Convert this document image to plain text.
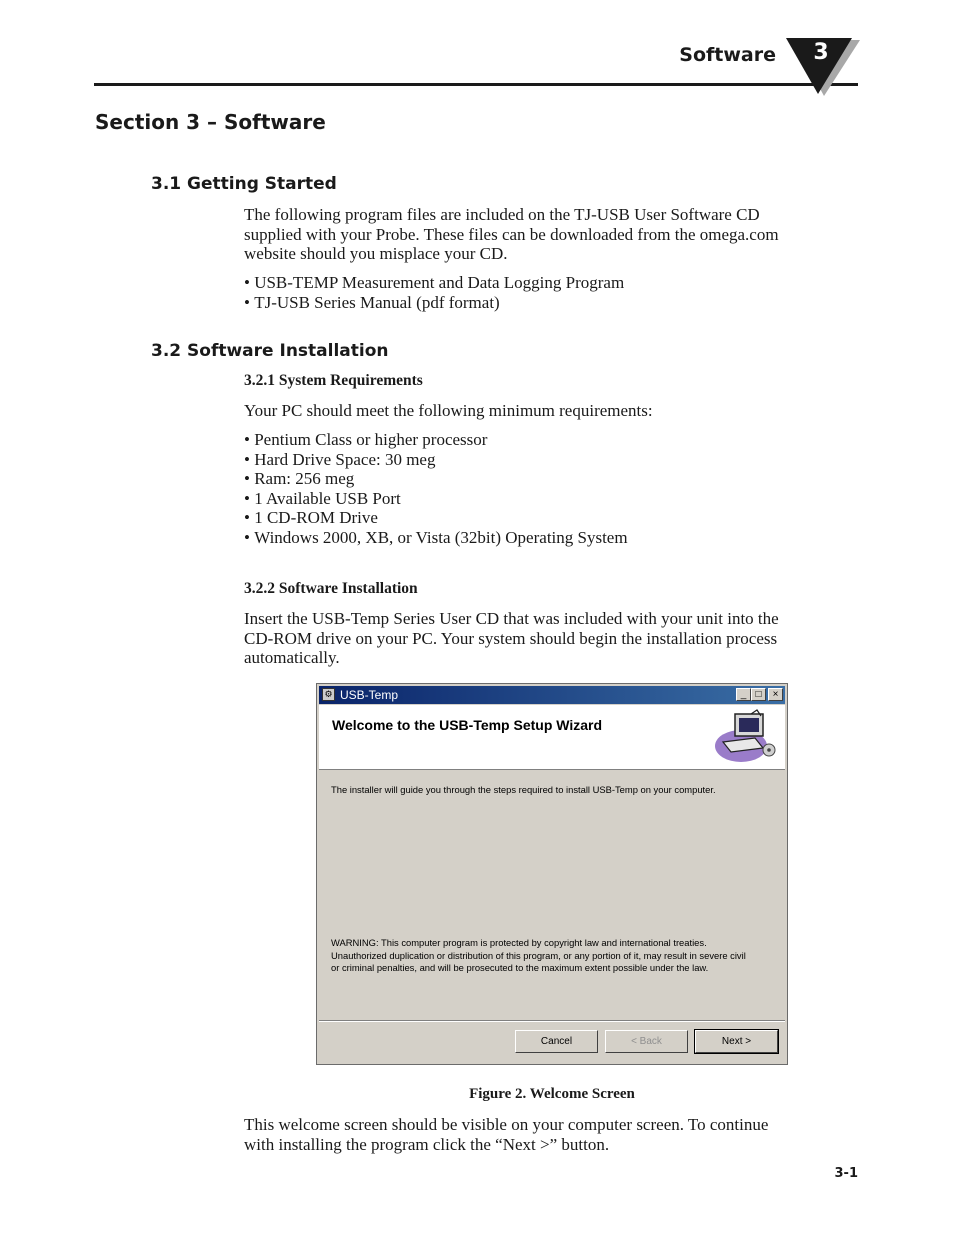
Software	3
Section 3 – Software
3.1 Getting Started

The following program files are included on the TJ-USB User Software CD
supplied with your Probe. These files can be downloaded from the omega.com
website should you misplace your CD.

• USB-TEMP Measurement and Data Logging Program
• TJ-USB Series Manual (pdf format)
3.2 Software Installation
3.2.1 System Requirements

Your PC should meet the following minimum requirements:

• Pentium Class or higher processor
• Hard Drive Space: 30 meg
• Ram: 256 meg
• 1 Available USB Port
• 1 CD-ROM Drive
• Windows 2000, XB, or Vista (32bit) Operating System
3.2.2 Software Installation

Insert the USB-Temp Series User CD that was included with your unit into the
CD-ROM drive on your PC. Your system should begin the installation process
automatically.

⚙ USB-Temp	_ □	×
Welcome to the USB-Temp Setup Wizard

The installer will guide you through the steps required to install USB-Temp on your computer.

WARNING: This computer program is protected by copyright law and international treaties.
Unauthorized duplication or distribution of this program, or any portion of it, may result in severe civil
or criminal penalties, and will be prosecuted to the maximum extent possible under the law.

Cancel	< Back	Next >
Figure 2. Welcome Screen

This welcome screen should be visible on your computer screen. To continue
with installing the program click the “Next >” button.

3-1
